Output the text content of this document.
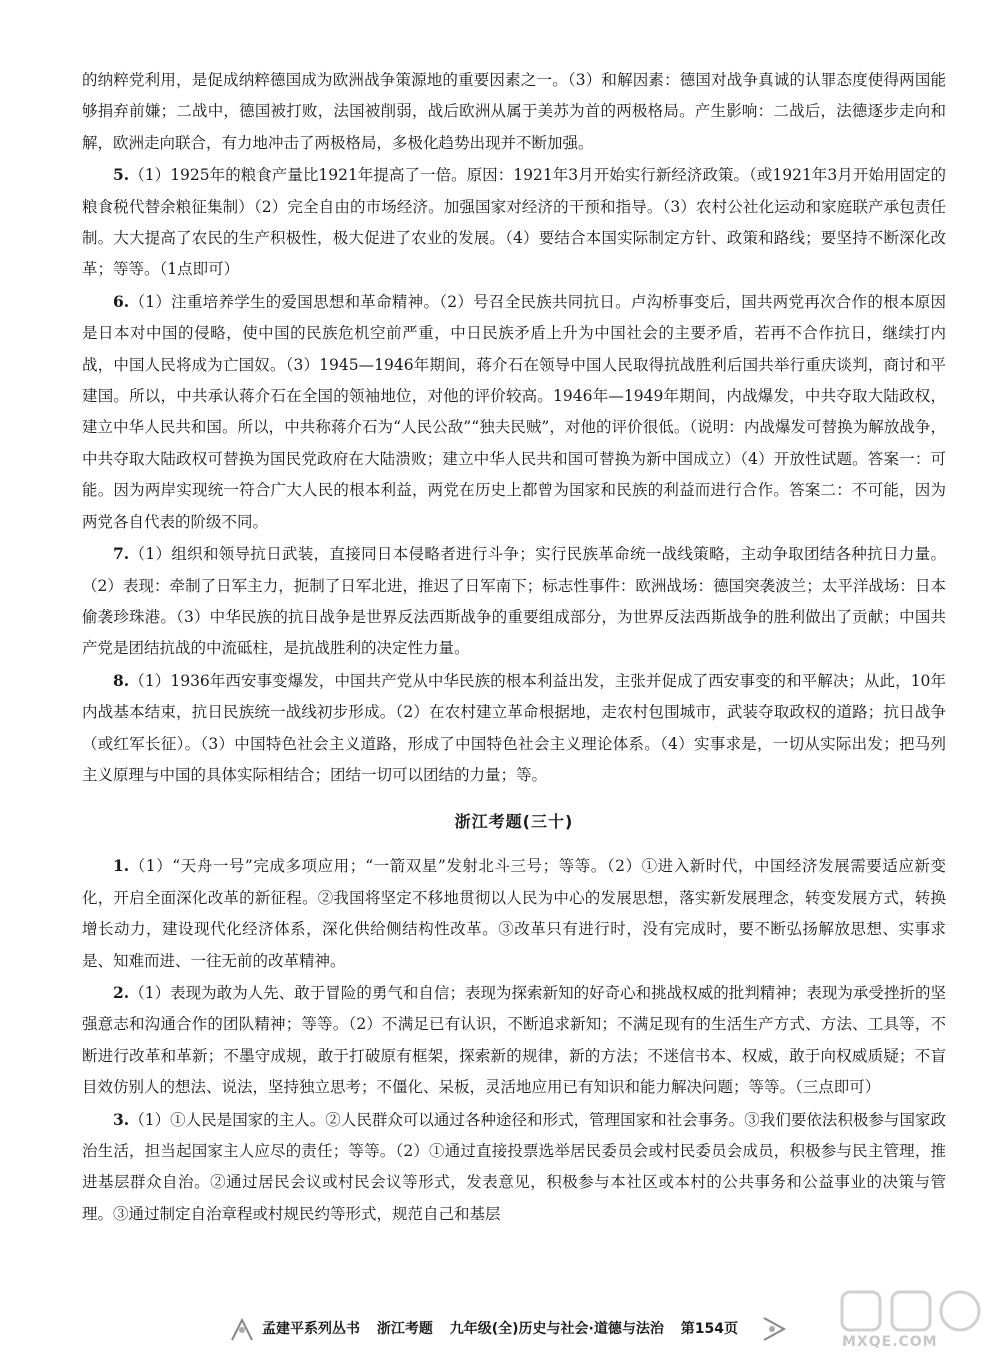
的纳粹党利用，是促成纳粹德国成为欧洲战争策源地的重要因素之一。（3）和解因素：德国对战争真诚的认罪态度使得两国能够捐弃前嫌；二战中，德国被打败，法国被削弱，战后欧洲从属于美苏为首的两极格局。产生影响：二战后，法德逐步走向和解，欧洲走向联合，有力地冲击了两极格局，多极化趋势出现并不断加强。

5.（1）1925年的粮食产量比1921年提高了一倍。原因：1921年3月开始实行新经济政策。（或1921年3月开始用固定的粮食税代替余粮征集制）（2）完全自由的市场经济。加强国家对经济的干预和指导。（3）农村公社化运动和家庭联产承包责任制。大大提高了农民的生产积极性，极大促进了农业的发展。（4）要结合本国实际制定方针、政策和路线；要坚持不断深化改革；等等。（1点即可）

6.（1）注重培养学生的爱国思想和革命精神。（2）号召全民族共同抗日。卢沟桥事变后，国共两党再次合作的根本原因是日本对中国的侵略，使中国的民族危机空前严重，中日民族矛盾上升为中国社会的主要矛盾，若再不合作抗日，继续打内战，中国人民将成为亡国奴。（3）1945—1946年期间，蒋介石在领导中国人民取得抗战胜利后国共举行重庆谈判，商讨和平建国。所以，中共承认蒋介石在全国的领袖地位，对他的评价较高。1946年—1949年期间，内战爆发，中共夺取大陆政权，建立中华人民共和国。所以，中共称蒋介石为“人民公敌”“独夫民贼”，对他的评价很低。（说明：内战爆发可替换为解放战争，中共夺取大陆政权可替换为国民党政府在大陆溃败；建立中华人民共和国可替换为新中国成立）（4）开放性试题。答案一：可能。因为两岸实现统一符合广大人民的根本利益，两党在历史上都曾为国家和民族的利益而进行合作。答案二：不可能，因为两党各自代表的阶级不同。

7.（1）组织和领导抗日武装，直接同日本侵略者进行斗争；实行民族革命统一战线策略，主动争取团结各种抗日力量。（2）表现：牵制了日军主力，扼制了日军北进，推迟了日军南下；标志性事件：欧洲战场：德国突袭波兰；太平洋战场：日本偷袭珍珠港。（3）中华民族的抗日战争是世界反法西斯战争的重要组成部分，为世界反法西斯战争的胜利做出了贡献；中国共产党是团结抗战的中流砥柱，是抗战胜利的决定性力量。

8.（1）1936年西安事变爆发，中国共产党从中华民族的根本利益出发，主张并促成了西安事变的和平解决；从此，10年内战基本结束，抗日民族统一战线初步形成。（2）在农村建立革命根据地，走农村包围城市，武装夺取政权的道路；抗日战争（或红军长征）。（3）中国特色社会主义道路，形成了中国特色社会主义理论体系。（4）实事求是，一切从实际出发；把马列主义原理与中国的具体实际相结合；团结一切可以团结的力量；等。

浙江考题(三十)

1.（1）“天舟一号”完成多项应用；“一箭双星”发射北斗三号；等等。（2）①进入新时代，中国经济发展需要适应新变化，开启全面深化改革的新征程。②我国将坚定不移地贯彻以人民为中心的发展思想，落实新发展理念，转变发展方式，转换增长动力，建设现代化经济体系，深化供给侧结构性改革。③改革只有进行时，没有完成时，要不断弘扬解放思想、实事求是、知难而进、一往无前的改革精神。

2.（1）表现为敢为人先、敢于冒险的勇气和自信；表现为探索新知的好奇心和挑战权威的批判精神；表现为承受挫折的坚强意志和沟通合作的团队精神；等等。（2）不满足已有认识，不断追求新知；不满足现有的生活生产方式、方法、工具等，不断进行改革和革新；不墨守成规，敢于打破原有框架，探索新的规律，新的方法；不迷信书本、权威，敢于向权威质疑；不盲目效仿别人的想法、说法，坚持独立思考；不僵化、呆板，灵活地应用已有知识和能力解决问题；等等。（三点即可）

3.（1）①人民是国家的主人。②人民群众可以通过各种途径和形式，管理国家和社会事务。③我们要依法积极参与国家政治生活，担当起国家主人应尽的责任；等等。（2）①通过直接投票选举居民委员会或村民委员会成员，积极参与民主管理，推进基层群众自治。②通过居民会议或村民会议等形式，发表意见，积极参与本社区或本村的公共事务和公益事业的决策与管理。③通过制定自治章程或村规民约等形式，规范自己和基层

孟建平系列丛书 浙江考题 九年级(全)历史与社会·道德与法治 第154页
MXQE.COM
